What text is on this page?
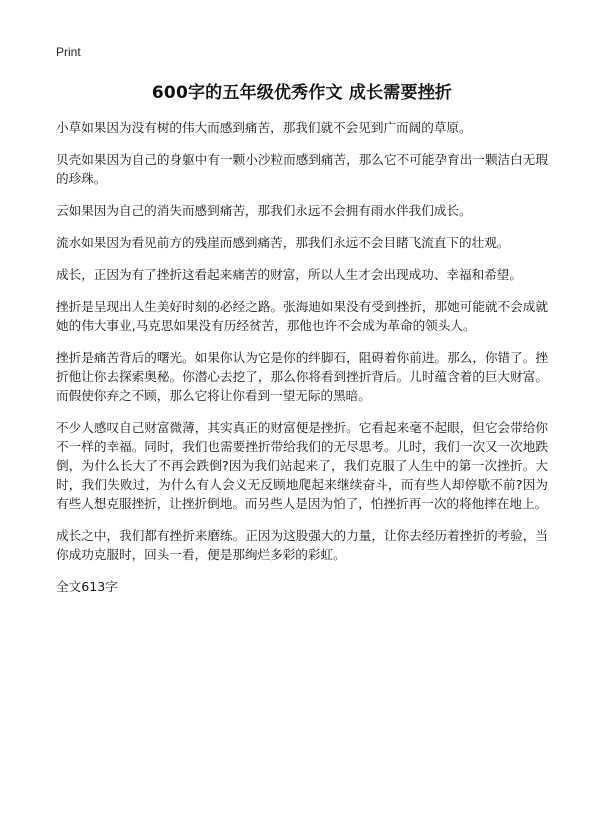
Print
600字的五年级优秀作文 成长需要挫折

小草如果因为没有树的伟大而感到痛苦，那我们就不会见到广而阔的草原。

贝壳如果因为自己的身躯中有一颗小沙粒而感到痛苦，那么它不可能孕育出一颗洁白无瑕的珍珠。

云如果因为自己的消失而感到痛苦，那我们永远不会拥有雨水伴我们成长。

流水如果因为看见前方的残崖而感到痛苦，那我们永远不会目睹飞流直下的壮观。

成长，正因为有了挫折这看起来痛苦的财富，所以人生才会出现成功、幸福和希望。

挫折是呈现出人生美好时刻的必经之路。张海迪如果没有受到挫折，那她可能就不会成就她的伟大事业,马克思如果没有历经贫苦，那他也许不会成为革命的领头人。

挫折是痛苦背后的曙光。如果你认为它是你的绊脚石，阻碍着你前进。那么，你错了。挫折他让你去探索奥秘。你潜心去挖了，那么你将看到挫折背后。儿时蕴含着的巨大财富。而假使你弃之不顾，那么它将让你看到一望无际的黑暗。

不少人感叹自己财富微薄，其实真正的财富便是挫折。它看起来毫不起眼，但它会带给你不一样的幸福。同时，我们也需要挫折带给我们的无尽思考。儿时，我们一次又一次地跌倒，为什么长大了不再会跌倒?因为我们站起来了，我们克服了人生中的第一次挫折。大时，我们失败过，为什么有人会义无反顾地爬起来继续奋斗，而有些人却停歇不前?因为有些人想克服挫折，让挫折倒地。而另些人是因为怕了，怕挫折再一次的将他摔在地上。

成长之中，我们都有挫折来磨练。正因为这股强大的力量，让你去经历着挫折的考验，当你成功克服时，回头一看，便是那绚烂多彩的彩虹。

全文613字
